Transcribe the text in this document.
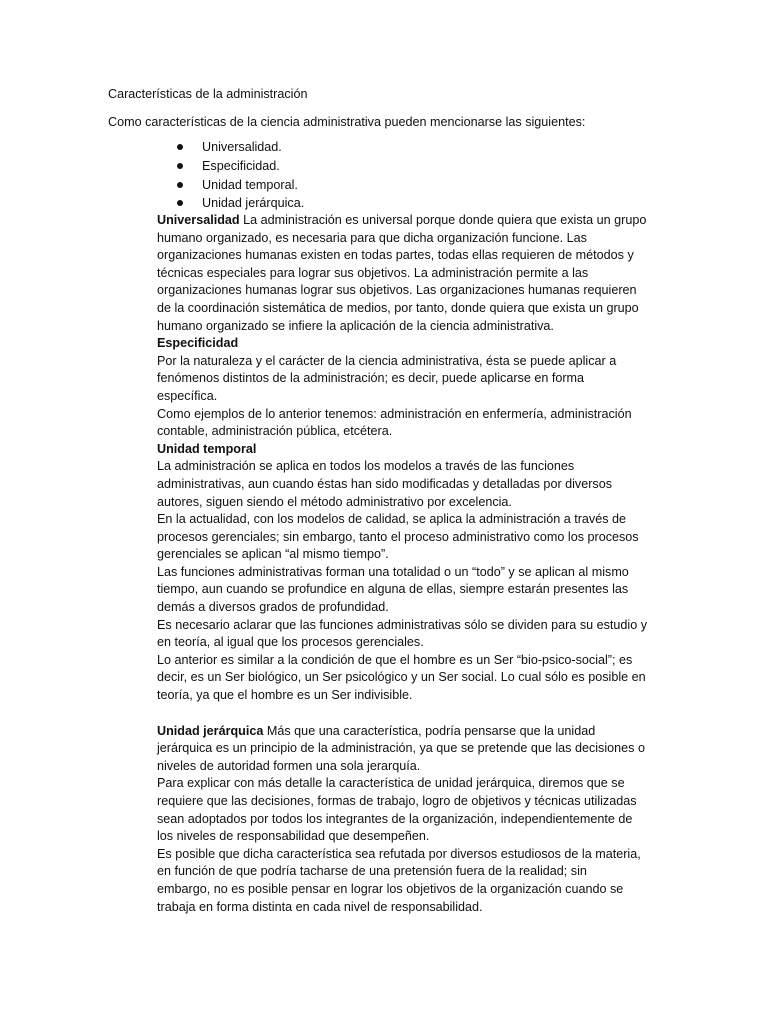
Características de la administración

Como características de la ciencia administrativa pueden mencionarse las siguientes:

Universalidad.
Especificidad.
Unidad temporal.
Unidad jerárquica.

Universalidad La administración es universal porque donde quiera que exista un grupo

humano organizado, es necesaria para que dicha organización funcione. Las

organizaciones humanas existen en todas partes, todas ellas requieren de métodos y

técnicas especiales para lograr sus objetivos. La administración permite a las

organizaciones humanas lograr sus objetivos. Las organizaciones humanas requieren

de la coordinación sistemática de medios, por tanto, donde quiera que exista un grupo

humano organizado se infiere la aplicación de la ciencia administrativa.

Especificidad

Por la naturaleza y el carácter de la ciencia administrativa, ésta se puede aplicar a

fenómenos distintos de la administración; es decir, puede aplicarse en forma

específica.

Como ejemplos de lo anterior tenemos: administración en enfermería, administración

contable, administración pública, etcétera.

Unidad temporal

La administración se aplica en todos los modelos a través de las funciones

administrativas, aun cuando éstas han sido modificadas y detalladas por diversos

autores, siguen siendo el método administrativo por excelencia.

En la actualidad, con los modelos de calidad, se aplica la administración a través de

procesos gerenciales; sin embargo, tanto el proceso administrativo como los procesos

gerenciales se aplican “al mismo tiempo”.

Las funciones administrativas forman una totalidad o un “todo” y se aplican al mismo

tiempo, aun cuando se profundice en alguna de ellas, siempre estarán presentes las

demás a diversos grados de profundidad.

Es necesario aclarar que las funciones administrativas sólo se dividen para su estudio y

en teoría, al igual que los procesos gerenciales.

Lo anterior es similar a la condición de que el hombre es un Ser “bio-psico-social”; es

decir, es un Ser biológico, un Ser psicológico y un Ser social. Lo cual sólo es posible en

teoría, ya que el hombre es un Ser indivisible.

Unidad jerárquica Más que una característica, podría pensarse que la unidad

jerárquica es un principio de la administración, ya que se pretende que las decisiones o

niveles de autoridad formen una sola jerarquía.

Para explicar con más detalle la característica de unidad jerárquica, diremos que se

requiere que las decisiones, formas de trabajo, logro de objetivos y técnicas utilizadas

sean adoptados por todos los integrantes de la organización, independientemente de

los niveles de responsabilidad que desempeñen.

Es posible que dicha característica sea refutada por diversos estudiosos de la materia,

en función de que podría tacharse de una pretensión fuera de la realidad; sin

embargo, no es posible pensar en lograr los objetivos de la organización cuando se

trabaja en forma distinta en cada nivel de responsabilidad.
